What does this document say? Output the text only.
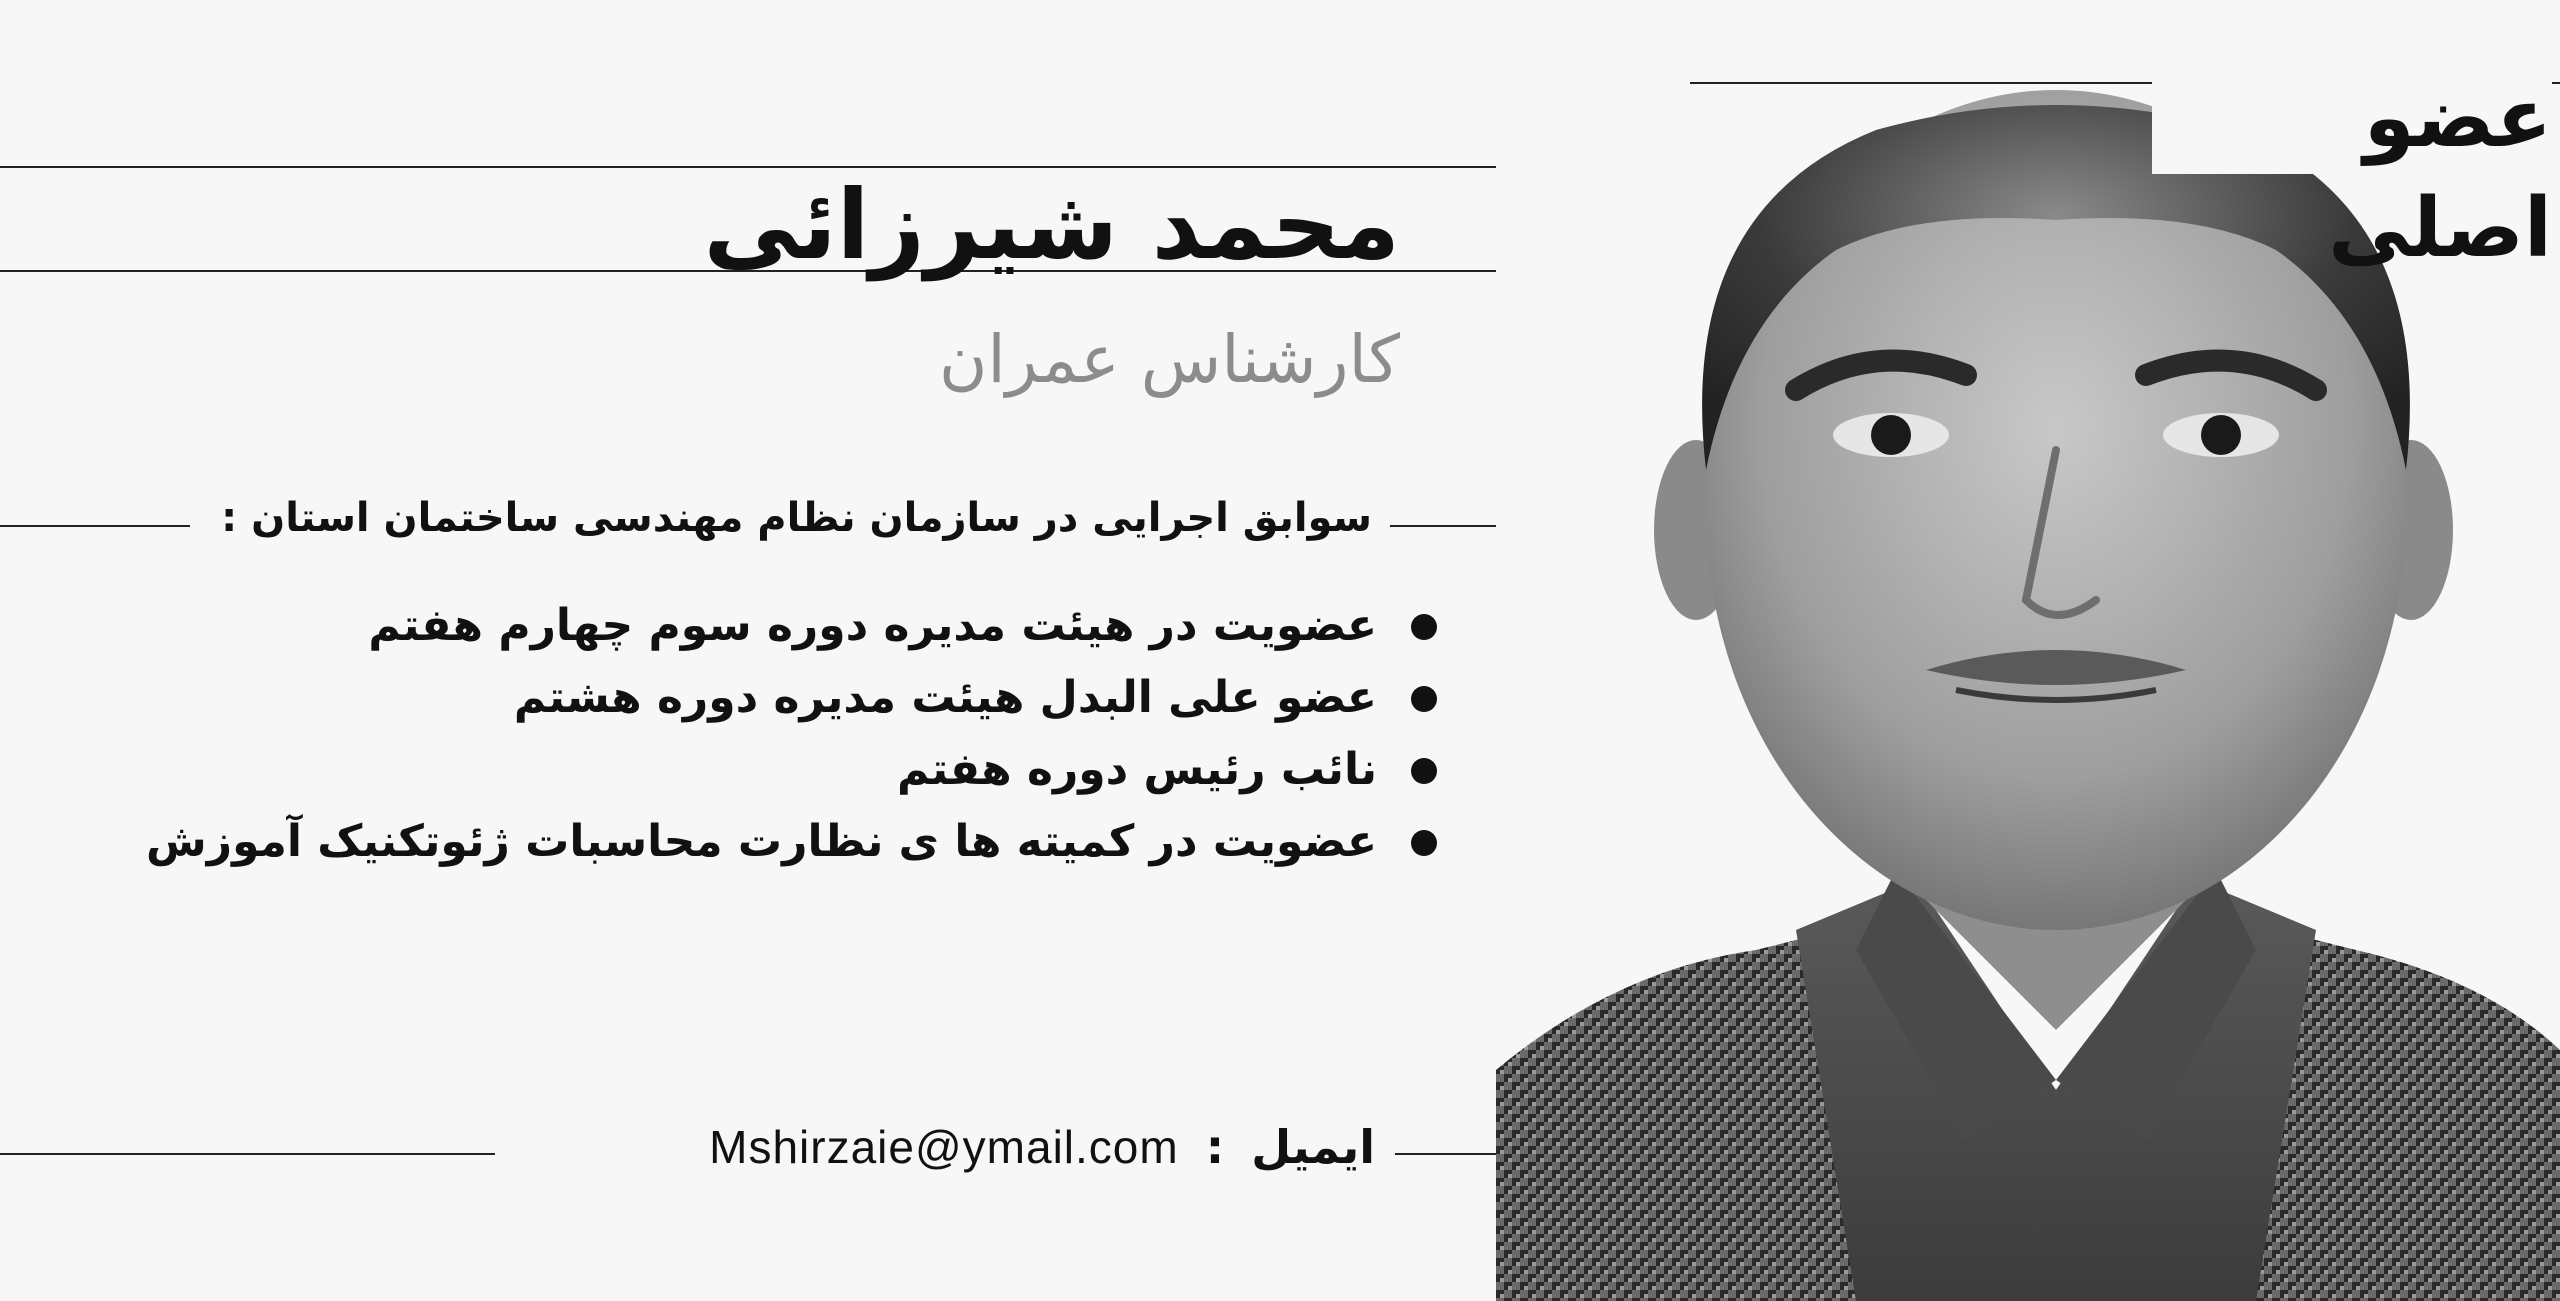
عضو اصلی
محمد شیرزائی
کارشناس عمران
سوابق اجرایی در سازمان نظام مهندسی ساختمان استان :
عضویت در هیئت مدیره دوره سوم چهارم هفتم
عضو علی البدل هیئت مدیره دوره هشتم
نائب رئیس دوره هفتم
عضویت در کمیته ها ی نظارت محاسبات ژئوتکنیک آموزش
ایمیل : Mshirzaie@ymail.com
